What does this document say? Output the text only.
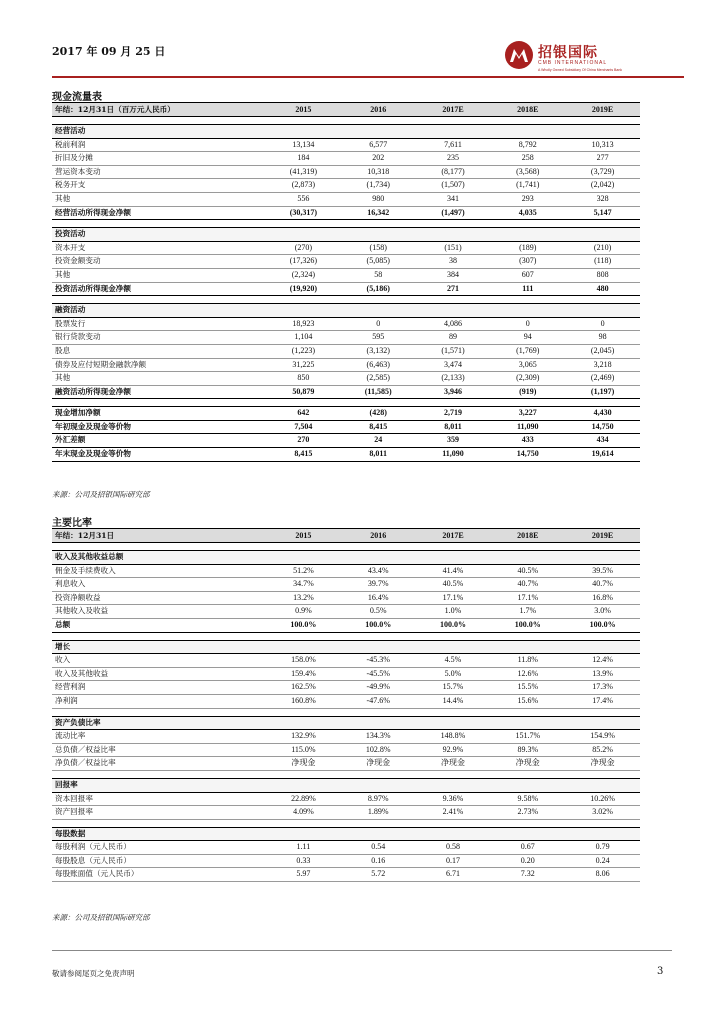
2017 年 09 月 25 日	招银国际
CMB INTERNATIONAL
A Wholly Owned Subsidiary Of China Merchants Bank
现金流量表
年结：12月31日（百万元人民币）	2015	2016	2017E	2018E	2019E

经营活动					
税前利润	13,134	6,577	7,611	8,792	10,313
折旧及分摊	184	202	235	258	277
营运资本变动	(41,319)	10,318	(8,177)	(3,568)	(3,729)
税务开支	(2,873)	(1,734)	(1,507)	(1,741)	(2,042)
其他	556	980	341	293	328
经营活动所得现金净额	(30,317)	16,342	(1,497)	4,035	5,147

投资活动					
资本开支	(270)	(158)	(151)	(189)	(210)
投资金额变动	(17,326)	(5,085)	38	(307)	(118)
其他	(2,324)	58	384	607	808
投资活动所得现金净额	(19,920)	(5,186)	271	111	480

融资活动					
股票发行	18,923	0	4,086	0	0
银行贷款变动	1,104	595	89	94	98
股息	(1,223)	(3,132)	(1,571)	(1,769)	(2,045)
债券及应付短期金融款净额	31,225	(6,463)	3,474	3,065	3,218
其他	850	(2,585)	(2,133)	(2,309)	(2,469)
融资活动所得现金净额	50,879	(11,585)	3,946	(919)	(1,197)

现金增加净额	642	(428)	2,719	3,227	4,430
年初现金及现金等价物	7,504	8,415	8,011	11,090	14,750
外汇差额	270	24	359	433	434
年末现金及现金等价物	8,415	8,011	11,090	14,750	19,614
来源：公司及招银国际研究部
主要比率
年结：12月31日	2015	2016	2017E	2018E	2019E

收入及其他收益总额					
佣金及手续费收入	51.2%	43.4%	41.4%	40.5%	39.5%
利息收入	34.7%	39.7%	40.5%	40.7%	40.7%
投资净额收益	13.2%	16.4%	17.1%	17.1%	16.8%
其他收入及收益	0.9%	0.5%	1.0%	1.7%	3.0%
总额	100.0%	100.0%	100.0%	100.0%	100.0%

增长					
收入	158.0%	-45.3%	4.5%	11.8%	12.4%
收入及其他收益	159.4%	-45.5%	5.0%	12.6%	13.9%
经营利润	162.5%	-49.9%	15.7%	15.5%	17.3%
净利润	160.8%	-47.6%	14.4%	15.6%	17.4%

资产负债比率					
流动比率	132.9%	134.3%	148.8%	151.7%	154.9%
总负债／权益比率	115.0%	102.8%	92.9%	89.3%	85.2%
净负债／权益比率	净现金	净现金	净现金	净现金	净现金

回报率					
资本回报率	22.89%	8.97%	9.36%	9.58%	10.26%
资产回报率	4.09%	1.89%	2.41%	2.73%	3.02%

每股数据					
每股利润（元人民币）	1.11	0.54	0.58	0.67	0.79
每股股息（元人民币）	0.33	0.16	0.17	0.20	0.24
每股账面值（元人民币）	5.97	5.72	6.71	7.32	8.06
来源：公司及招银国际研究部
敬请参阅尾页之免责声明	3
